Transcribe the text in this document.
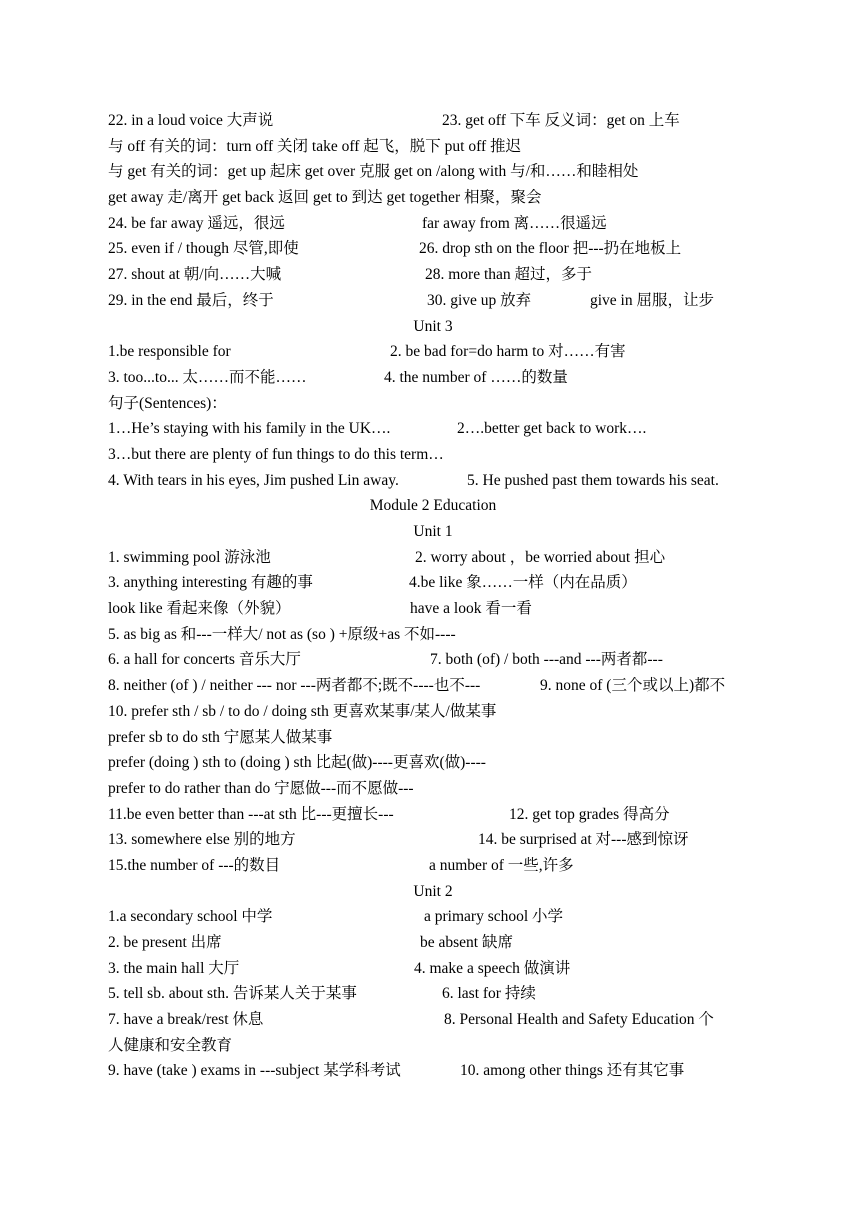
22. in a loud voice 大声说	23. get off 下车 反义词：get on 上车
与 off 有关的词：turn off 关闭 take off 起飞，脱下 put off 推迟
与 get 有关的词：get up 起床 get over 克服 get on /along with 与/和……和睦相处
get away 走/离开 get back 返回 get to 到达 get together 相聚，聚会
24. be far away 遥远，很远	far away from 离……很遥远
25. even if / though 尽管,即使	26. drop sth on the floor 把---扔在地板上
27. shout at 朝/向……大喊	28. more than 超过，多于
29. in the end 最后，终于	30. give up 放弃	give in 屈服，让步
Unit 3
1.be responsible for	2. be bad for=do harm to 对……有害
3. too...to... 太……而不能……	4. the number of ……的数量
句子(Sentences)：
1…He’s staying with his family in the UK….	2….better get back to work….
3…but there are plenty of fun things to do this term…
4. With tears in his eyes, Jim pushed Lin away.	5. He pushed past them towards his seat.
Module 2 Education
Unit 1
1. swimming pool 游泳池	2. worry about ，be worried about 担心
3. anything interesting 有趣的事	4.be like 象……一样（内在品质）
look like 看起来像（外貌）	have a look 看一看
5. as big as 和---一样大/ not as (so ) +原级+as 不如----
6. a hall for concerts 音乐大厅	7. both (of) / both ---and ---两者都---
8. neither (of ) / neither --- nor ---两者都不;既不----也不---	9. none of (三个或以上)都不
10. prefer sth / sb / to do / doing sth 更喜欢某事/某人/做某事
prefer sb to do sth 宁愿某人做某事
prefer (doing ) sth to (doing ) sth 比起(做)----更喜欢(做)----
prefer to do rather than do 宁愿做---而不愿做---
11.be even better than ---at sth 比---更擅长---	12. get top grades 得高分
13. somewhere else 别的地方	14. be surprised at 对---感到惊讶
15.the number of ---的数目	a number of 一些,许多
Unit 2
1.a secondary school 中学	a primary school 小学
2. be present 出席	be absent 缺席
3. the main hall 大厅	4. make a speech 做演讲
5. tell sb. about sth. 告诉某人关于某事	6. last for 持续
7. have a break/rest 休息	8. Personal Health and Safety Education 个
人健康和安全教育
9. have (take ) exams in ---subject 某学科考试	10. among other things 还有其它事
